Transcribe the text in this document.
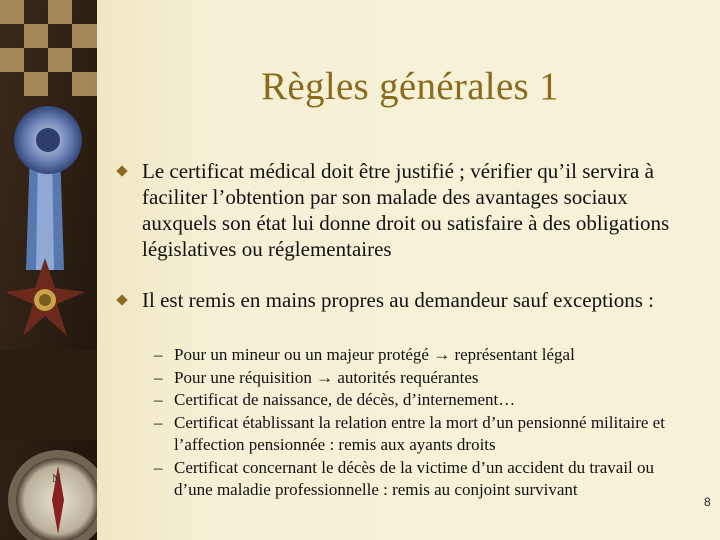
N
Règles générales 1
Le certificat médical doit être justifié ; vérifier qu’il servira à faciliter l’obtention par son malade des avantages sociaux auxquels son état lui donne droit ou satisfaire à des obligations législatives ou réglementaires
Il est remis en mains propres au demandeur sauf exceptions :
– Pour un mineur ou un majeur protégé → représentant légal
– Pour une réquisition → autorités requérantes
– Certificat de naissance, de décès, d’internement…
– Certificat établissant la relation entre la mort d’un pensionné militaire et l’affection pensionnée : remis aux ayants droits
– Certificat concernant le décès de la victime d’un accident du travail ou d’une maladie professionnelle : remis au conjoint survivant
8
